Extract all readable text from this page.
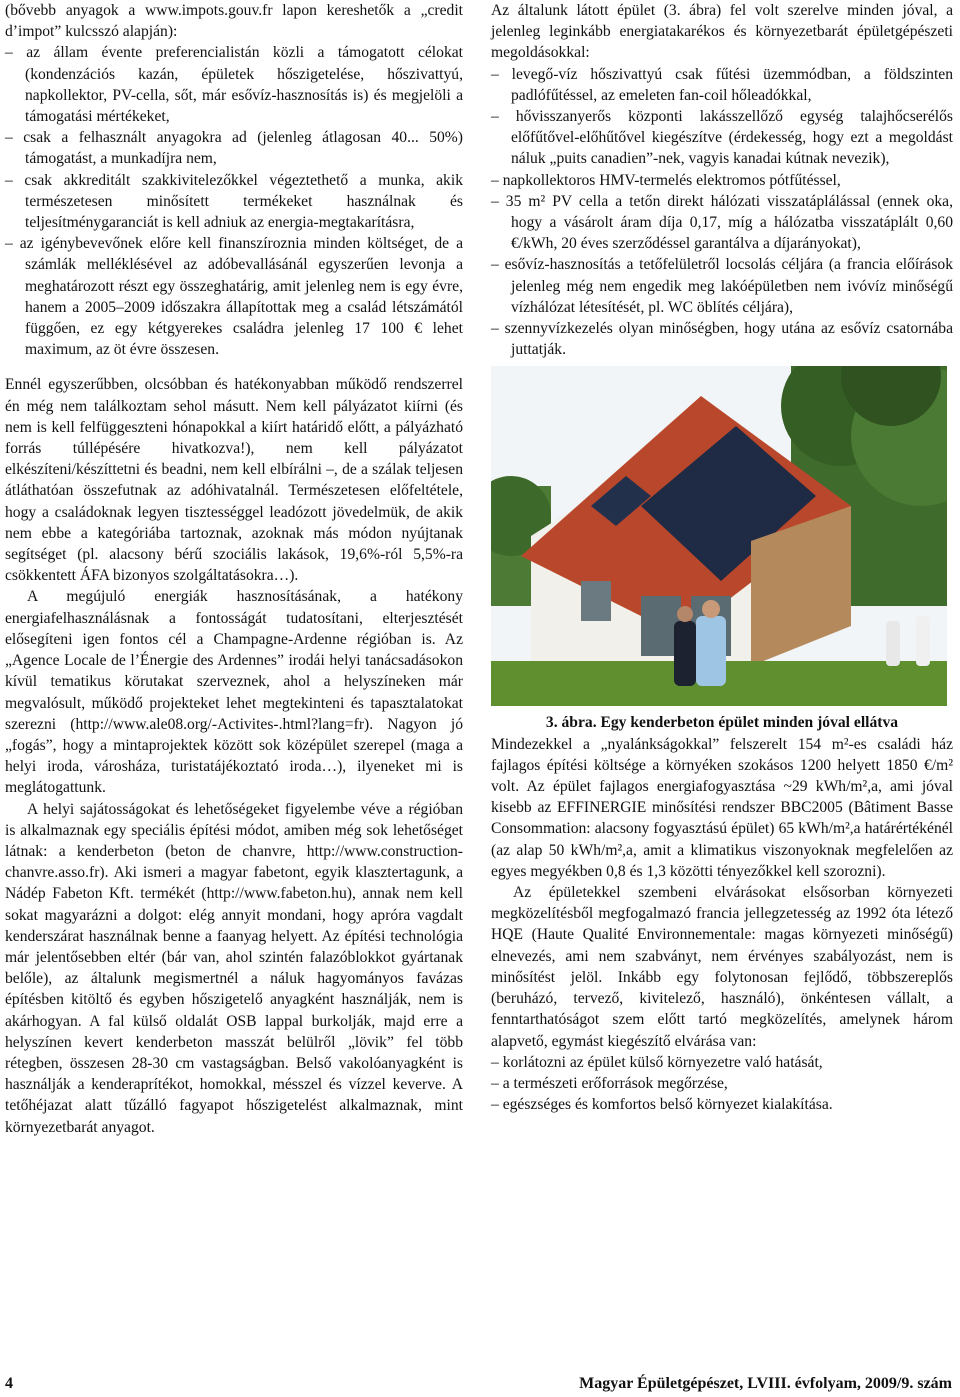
(bővebb anyagok a www.impots.gouv.fr lapon kereshetők a „credit d’impot” kulcsszó alapján):

– az állam évente preferencialistán közli a támogatott célokat (kondenzációs kazán, épületek hőszigetelése, hőszivattyú, napkollektor, PV-cella, sőt, már esővíz-hasznosítás is) és megjelöli a támogatási mértékeket,

– csak a felhasznált anyagokra ad (jelenleg átlagosan 40... 50%) támogatást, a munkadíjra nem,

– csak akkreditált szakkivitelezőkkel végeztethető a munka, akik természetesen minősített termékeket használnak és teljesítménygaranciát is kell adniuk az energia-megtakarításra,

– az igénybevevőnek előre kell finanszíroznia minden költséget, de a számlák melléklésével az adóbevallásánál egyszerűen levonja a meghatározott részt egy összeghatárig, amit jelenleg nem is egy évre, hanem a 2005–2009 időszakra állapítottak meg a család létszámától függően, ez egy kétgyerekes családra jelenleg 17 100 € lehet maximum, az öt évre összesen.

Ennél egyszerűbben, olcsóbban és hatékonyabban működő rendszerrel én még nem találkoztam sehol másutt. Nem kell pályázatot kiírni (és nem is kell felfüggeszteni hónapokkal a kiírt határidő előtt, a pályázható forrás túllépésére hivatkozva!), nem kell pályázatot elkészíteni/készíttetni és beadni, nem kell elbírálni –, de a szálak teljesen átláthatóan összefutnak az adóhivatalnál. Természetesen előfeltétele, hogy a családoknak legyen tisztességgel leadózott jövedelmük, de akik nem ebbe a kategóriába tartoznak, azoknak más módon nyújtanak segítséget (pl. alacsony bérű szociális lakások, 19,6%-ról 5,5%-ra csökkentett ÁFA bizonyos szolgáltatásokra…).

A megújuló energiák hasznosításának, a hatékony energiafelhasználásnak a fontosságát tudatosítani, elterjesztését elősegíteni igen fontos cél a Champagne-Ardenne régióban is. Az „Agence Locale de l’Énergie des Ardennes” irodái helyi tanácsadásokon kívül tematikus körutakat szerveznek, ahol a helyszíneken már megvalósult, működő projekteket lehet megtekinteni és tapasztalatokat szerezni (http://www.ale08.org/-Activites-.html?lang=fr). Nagyon jó „fogás”, hogy a mintaprojektek között sok középület szerepel (maga a helyi iroda, városháza, turistatájékoztató iroda…), ilyeneket mi is meglátogattunk.

A helyi sajátosságokat és lehetőségeket figyelembe véve a régióban is alkalmaznak egy speciális építési módot, amiben még sok lehetőséget látnak: a kenderbeton (beton de chanvre, http://www.construction-chanvre.asso.fr). Aki ismeri a magyar fabetont, egyik klasztertagunk, a Nádép Fabeton Kft. termékét (http://www.fabeton.hu), annak nem kell sokat magyarázni a dolgot: elég annyit mondani, hogy apróra vagdalt kenderszárat használnak benne a faanyag helyett. Az építési technológia már jelentősebben eltér (bár van, ahol szintén falazóblokkot gyártanak belőle), az általunk megismertnél a náluk hagyományos favázas építésben kitöltő és egyben hőszigetelő anyagként használják, nem is akárhogyan. A fal külső oldalát OSB lappal burkolják, majd erre a helyszínen kevert kenderbeton masszát belülről „lövik” fel több rétegben, összesen 28-30 cm vastagságban. Belső vakolóanyagként is használják a kenderaprítékot, homokkal, mésszel és vízzel keverve. A tetőhéjazat alatt tűzálló fagyapot hőszigetelést alkalmaznak, mint környezetbarát anyagot.

Az általunk látott épület (3. ábra) fel volt szerelve minden jóval, a jelenleg leginkább energiatakarékos és környezetbarát épületgépészeti megoldásokkal:

– levegő-víz hőszivattyú csak fűtési üzemmódban, a földszinten padlófűtéssel, az emeleten fan-coil hőleadókkal,

– hővisszanyerős központi lakásszellőző egység talajhőcserélős előfűtővel-előhűtővel kiegészítve (érdekesség, hogy ezt a megoldást náluk „puits canadien”-nek, vagyis kanadai kútnak nevezik),

– napkollektoros HMV-termelés elektromos pótfűtéssel,

– 35 m² PV cella a tetőn direkt hálózati visszatáplálással (ennek oka, hogy a vásárolt áram díja 0,17, míg a hálózatba visszatáplált 0,60 €/kWh, 20 éves szerződéssel garantálva a díjarányokat),

– esővíz-hasznosítás a tetőfelületről locsolás céljára (a francia előírások jelenleg még nem engedik meg lakóépületben nem ivóvíz minőségű vízhálózat létesítését, pl. WC öblítés céljára),

– szennyvízkezelés olyan minőségben, hogy utána az esővíz csatornába juttatják.

3. ábra. Egy kenderbeton épület minden jóval ellátva

Mindezekkel a „nyalánkságokkal” felszerelt 154 m²-es családi ház fajlagos építési költsége a környéken szokásos 1200 helyett 1850 €/m² volt. Az épület fajlagos energiafogyasztása ~29 kWh/m²,a, ami jóval kisebb az EFFINERGIE minősítési rendszer BBC2005 (Bâtiment Basse Consommation: alacsony fogyasztású épület) 65 kWh/m²,a határértékénél (az alap 50 kWh/m²,a, amit a klimatikus viszonyoknak megfelelően az egyes megyékben 0,8 és 1,3 közötti tényezőkkel kell szorozni).

Az épületekkel szembeni elvárásokat elsősorban környezeti megközelítésből megfogalmazó francia jellegzetesség az 1992 óta létező HQE (Haute Qualité Environnementale: magas környezeti minőségű) elnevezés, ami nem szabványt, nem érvényes szabályozást, nem is minősítést jelöl. Inkább egy folytonosan fejlődő, többszereplős (beruházó, tervező, kivitelező, használó), önkéntesen vállalt, a fenntarthatóságot szem előtt tartó megközelítés, amelynek három alapvető, egymást kiegészítő elvárása van:

– korlátozni az épület külső környezetre való hatását,

– a természeti erőforrások megőrzése,

– egészséges és komfortos belső környezet kialakítása.

4	Magyar Épületgépészet, LVIII. évfolyam, 2009/9. szám
